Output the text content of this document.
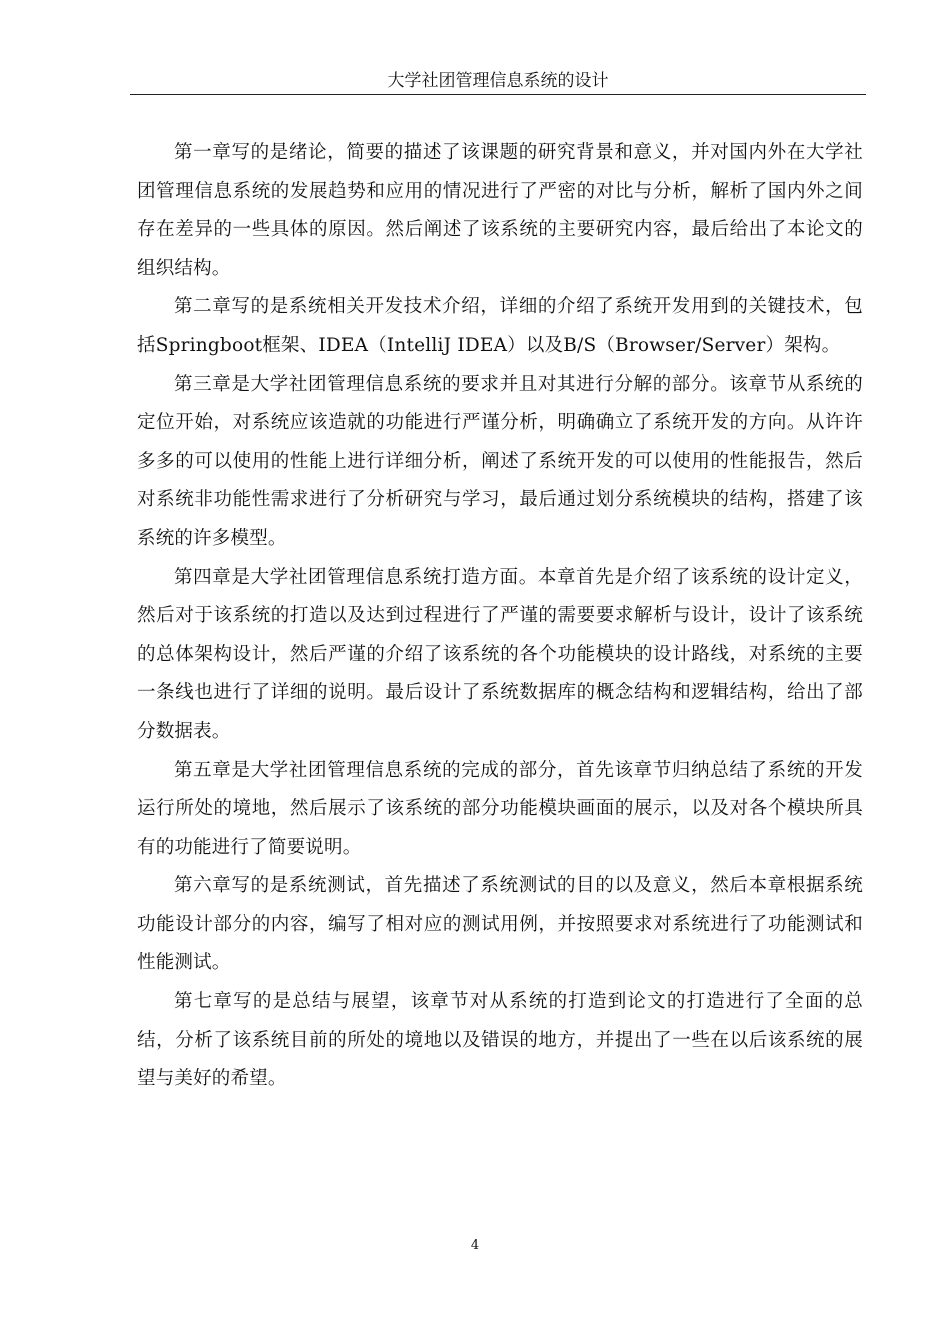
大学社团管理信息系统的设计

第一章写的是绪论，简要的描述了该课题的研究背景和意义，并对国内外在大学社团管理信息系统的发展趋势和应用的情况进行了严密的对比与分析，解析了国内外之间存在差异的一些具体的原因。然后阐述了该系统的主要研究内容，最后给出了本论文的组织结构。

第二章写的是系统相关开发技术介绍，详细的介绍了系统开发用到的关键技术，包括Springboot框架、IDEA（IntelliJ IDEA）以及B/S（Browser/Server）架构。

第三章是大学社团管理信息系统的要求并且对其进行分解的部分。该章节从系统的定位开始，对系统应该造就的功能进行严谨分析，明确确立了系统开发的方向。从许许多多的可以使用的性能上进行详细分析，阐述了系统开发的可以使用的性能报告，然后对系统非功能性需求进行了分析研究与学习，最后通过划分系统模块的结构，搭建了该系统的许多模型。

第四章是大学社团管理信息系统打造方面。本章首先是介绍了该系统的设计定义，然后对于该系统的打造以及达到过程进行了严谨的需要要求解析与设计，设计了该系统的总体架构设计，然后严谨的介绍了该系统的各个功能模块的设计路线，对系统的主要一条线也进行了详细的说明。最后设计了系统数据库的概念结构和逻辑结构，给出了部分数据表。

第五章是大学社团管理信息系统的完成的部分，首先该章节归纳总结了系统的开发运行所处的境地，然后展示了该系统的部分功能模块画面的展示，以及对各个模块所具有的功能进行了简要说明。

第六章写的是系统测试，首先描述了系统测试的目的以及意义，然后本章根据系统功能设计部分的内容，编写了相对应的测试用例，并按照要求对系统进行了功能测试和性能测试。

第七章写的是总结与展望，该章节对从系统的打造到论文的打造进行了全面的总结，分析了该系统目前的所处的境地以及错误的地方，并提出了一些在以后该系统的展望与美好的希望。

4
